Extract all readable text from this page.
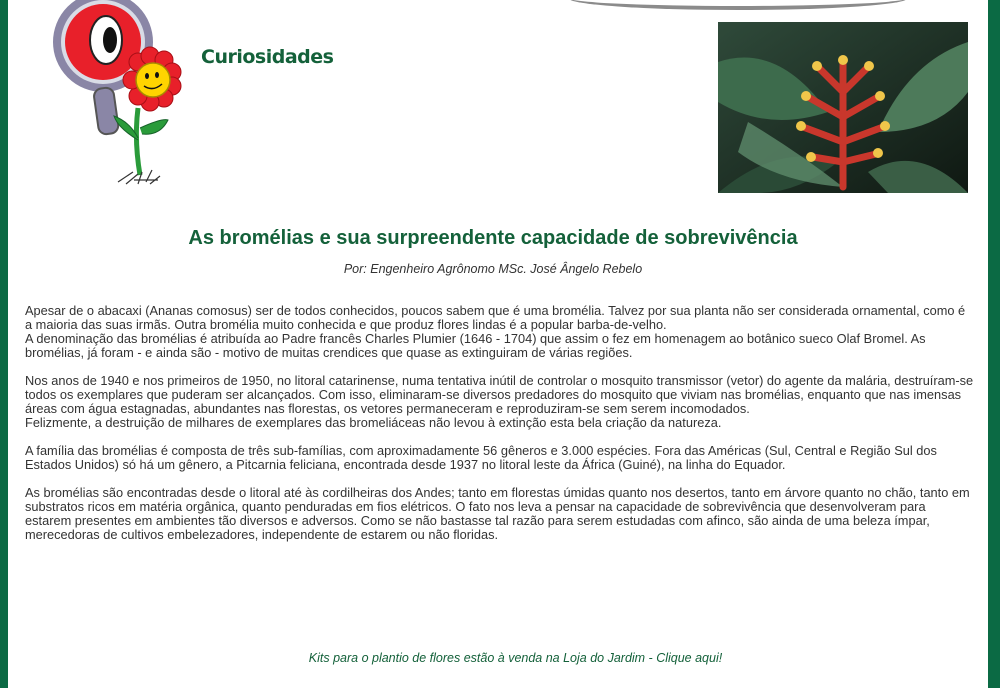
Curiosidades
As bromélias e sua surpreendente capacidade de sobrevivência
Por: Engenheiro Agrônomo MSc. José Ângelo Rebelo

Apesar de o abacaxi (Ananas comosus) ser de todos conhecidos, poucos sabem que é uma bromélia. Talvez por sua planta não ser considerada ornamental, como é a maioria das suas irmãs. Outra bromélia muito conhecida e que produz flores lindas é a popular barba-de-velho.
A denominação das bromélias é atribuída ao Padre francês Charles Plumier (1646 - 1704) que assim o fez em homenagem ao botânico sueco Olaf Bromel. As bromélias, já foram - e ainda são - motivo de muitas crendices que quase as extinguiram de várias regiões.

Nos anos de 1940 e nos primeiros de 1950, no litoral catarinense, numa tentativa inútil de controlar o mosquito transmissor (vetor) do agente da malária, destruíram-se todos os exemplares que puderam ser alcançados. Com isso, eliminaram-se diversos predadores do mosquito que viviam nas bromélias, enquanto que nas imensas áreas com água estagnadas, abundantes nas florestas, os vetores permaneceram e reproduziram-se sem serem incomodados.
Felizmente, a destruição de milhares de exemplares das bromeliáceas não levou à extinção esta bela criação da natureza.

A família das bromélias é composta de três sub-famílias, com aproximadamente 56 gêneros e 3.000 espécies. Fora das Américas (Sul, Central e Região Sul dos Estados Unidos) só há um gênero, a Pitcarnia feliciana, encontrada desde 1937 no litoral leste da África (Guiné), na linha do Equador.

As bromélias são encontradas desde o litoral até às cordilheiras dos Andes; tanto em florestas úmidas quanto nos desertos, tanto em árvore quanto no chão, tanto em substratos ricos em matéria orgânica, quanto penduradas em fios elétricos. O fato nos leva a pensar na capacidade de sobrevivência que desenvolveram para estarem presentes em ambientes tão diversos e adversos. Como se não bastasse tal razão para serem estudadas com afinco, são ainda de uma beleza ímpar, merecedoras de cultivos embelezadores, independente de estarem ou não floridas.

Kits para o plantio de flores estão à venda na Loja do Jardim - Clique aqui!
